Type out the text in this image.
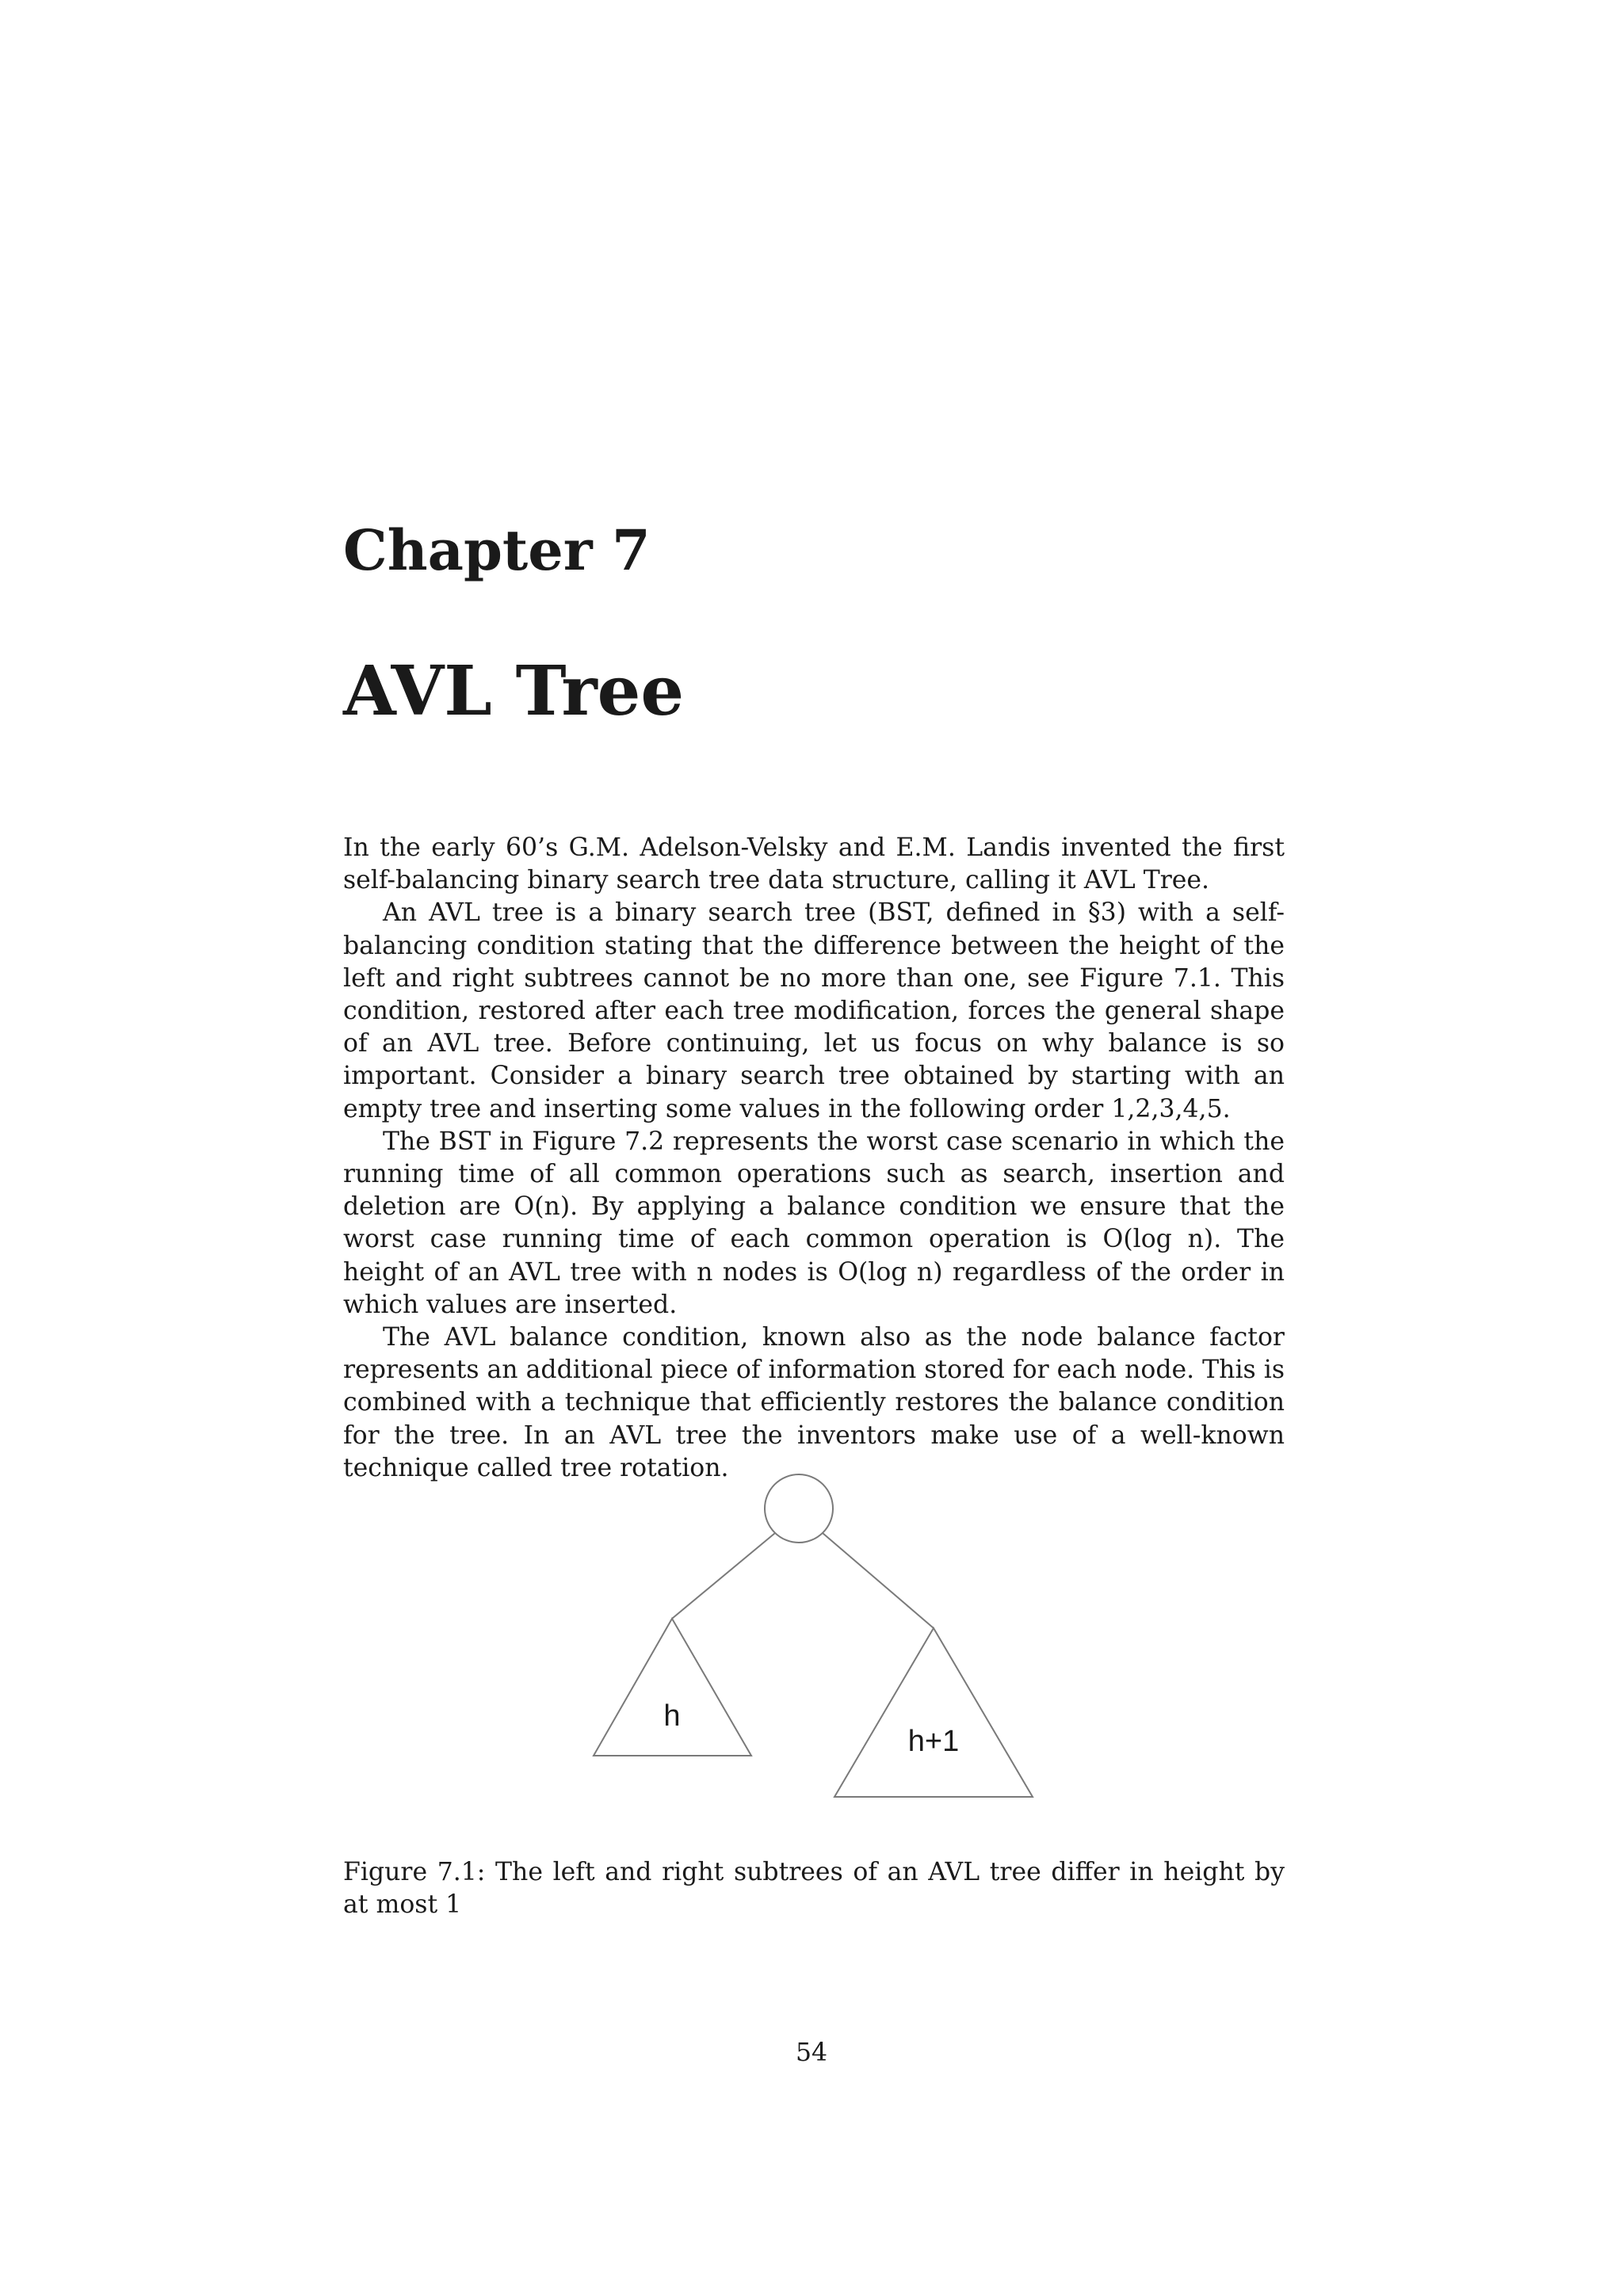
Chapter 7
AVL Tree

In the early 60’s G.M. Adelson-Velsky and E.M. Landis invented the first self-balancing binary search tree data structure, calling it AVL Tree.

An AVL tree is a binary search tree (BST, defined in §3) with a self-balancing condition stating that the difference between the height of the left and right subtrees cannot be no more than one, see Figure 7.1. This condition, restored after each tree modification, forces the general shape of an AVL tree. Before continuing, let us focus on why balance is so important. Consider a binary search tree obtained by starting with an empty tree and inserting some values in the following order 1,2,3,4,5.

The BST in Figure 7.2 represents the worst case scenario in which the running time of all common operations such as search, insertion and deletion are O(n). By applying a balance condition we ensure that the worst case running time of each common operation is O(log n). The height of an AVL tree with n nodes is O(log n) regardless of the order in which values are inserted.

The AVL balance condition, known also as the node balance factor represents an additional piece of information stored for each node. This is combined with a technique that efficiently restores the balance condition for the tree. In an AVL tree the inventors make use of a well-known technique called tree rotation.

h
h+1

Figure 7.1: The left and right subtrees of an AVL tree differ in height by at most 1

54
